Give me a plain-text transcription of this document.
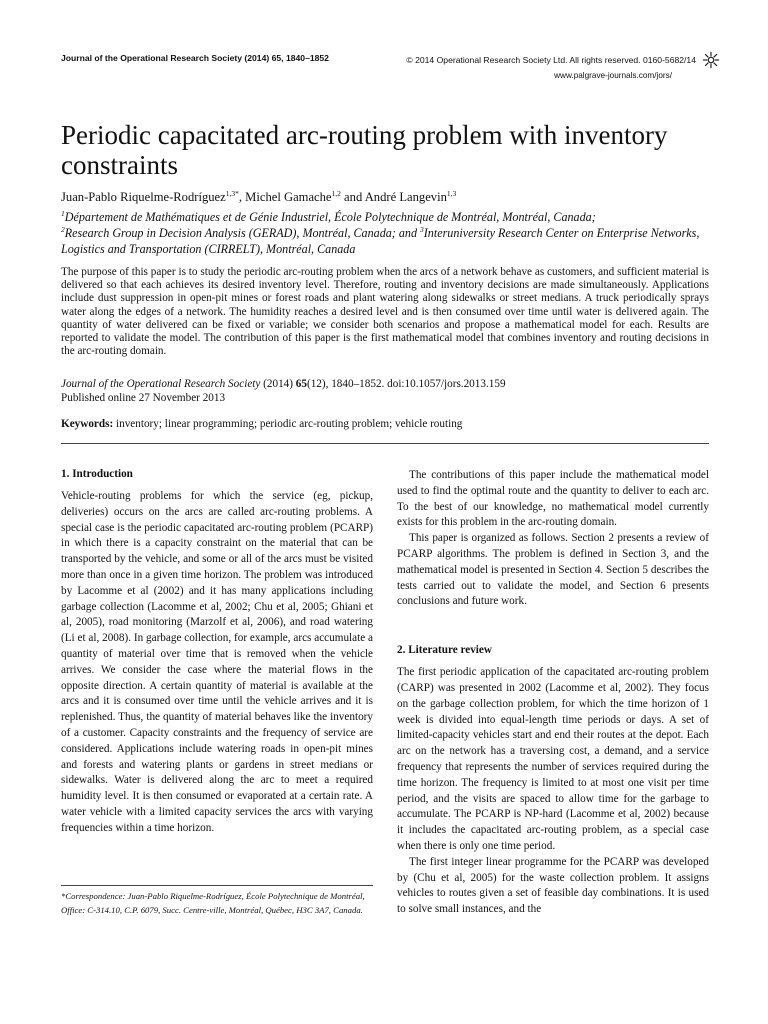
Journal of the Operational Research Society (2014) 65, 1840–1852	© 2014 Operational Research Society Ltd. All rights reserved. 0160-5682/14
www.palgrave-journals.com/jors/
Periodic capacitated arc-routing problem with inventory constraints
Juan-Pablo Riquelme-Rodríguez$^{1,3*}$, Michel Gamache$^{1,2}$ and André Langevin$^{1,3}$
$^1$Département de Mathématiques et de Génie Industriel, École Polytechnique de Montréal, Montréal, Canada;
$^2$Research Group in Decision Analysis (GERAD), Montréal, Canada; and $^3$Interuniversity Research Center on Enterprise Networks, Logistics and Transportation (CIRRELT), Montréal, Canada
The purpose of this paper is to study the periodic arc-routing problem when the arcs of a network behave as customers, and sufficient material is delivered so that each achieves its desired inventory level. Therefore, routing and inventory decisions are made simultaneously. Applications include dust suppression in open-pit mines or forest roads and plant watering along sidewalks or street medians. A truck periodically sprays water along the edges of a network. The humidity reaches a desired level and is then consumed over time until water is delivered again. The quantity of water delivered can be fixed or variable; we consider both scenarios and propose a mathematical model for each. Results are reported to validate the model. The contribution of this paper is the first mathematical model that combines inventory and routing decisions in the arc-routing domain.
Journal of the Operational Research Society (2014) 65(12), 1840–1852. doi:10.1057/jors.2013.159
Published online 27 November 2013
Keywords: inventory; linear programming; periodic arc-routing problem; vehicle routing
1. Introduction

Vehicle-routing problems for which the service (eg, pickup, deliveries) occurs on the arcs are called arc-routing problems. A special case is the periodic capacitated arc-routing problem (PCARP) in which there is a capacity constraint on the material that can be transported by the vehicle, and some or all of the arcs must be visited more than once in a given time horizon. The problem was introduced by Lacomme et al (2002) and it has many applications including garbage collection (Lacomme et al, 2002; Chu et al, 2005; Ghiani et al, 2005), road monitoring (Marzolf et al, 2006), and road watering (Li et al, 2008). In garbage collection, for example, arcs accumulate a quantity of material over time that is removed when the vehicle arrives. We consider the case where the material flows in the opposite direction. A certain quantity of material is available at the arcs and it is consumed over time until the vehicle arrives and it is replenished. Thus, the quantity of material behaves like the inventory of a customer. Capacity constraints and the frequency of service are considered. Applications include watering roads in open-pit mines and forests and watering plants or gardens in street medians or sidewalks. Water is delivered along the arc to meet a required humidity level. It is then consumed or evaporated at a certain rate. A water vehicle with a limited capacity services the arcs with varying frequencies within a time horizon.

The contributions of this paper include the mathematical model used to find the optimal route and the quantity to deliver to each arc. To the best of our knowledge, no mathematical model currently exists for this problem in the arc-routing domain.

This paper is organized as follows. Section 2 presents a review of PCARP algorithms. The problem is defined in Section 3, and the mathematical model is presented in Section 4. Section 5 describes the tests carried out to validate the model, and Section 6 presents conclusions and future work.

2. Literature review

The first periodic application of the capacitated arc-routing problem (CARP) was presented in 2002 (Lacomme et al, 2002). They focus on the garbage collection problem, for which the time horizon of 1 week is divided into equal-length time periods or days. A set of limited-capacity vehicles start and end their routes at the depot. Each arc on the network has a traversing cost, a demand, and a service frequency that represents the number of services required during the time horizon. The frequency is limited to at most one visit per time period, and the visits are spaced to allow time for the garbage to accumulate. The PCARP is NP-hard (Lacomme et al, 2002) because it includes the capacitated arc-routing problem, as a special case when there is only one time period.

The first integer linear programme for the PCARP was developed by (Chu et al, 2005) for the waste collection problem. It assigns vehicles to routes given a set of feasible day combinations. It is used to solve small instances, and the

*Correspondence: Juan-Pablo Riquelme-Rodríguez, École Polytechnique de Montréal, Office: C-314.10, C.P. 6079, Succ. Centre-ville, Montréal, Québec, H3C 3A7, Canada.
